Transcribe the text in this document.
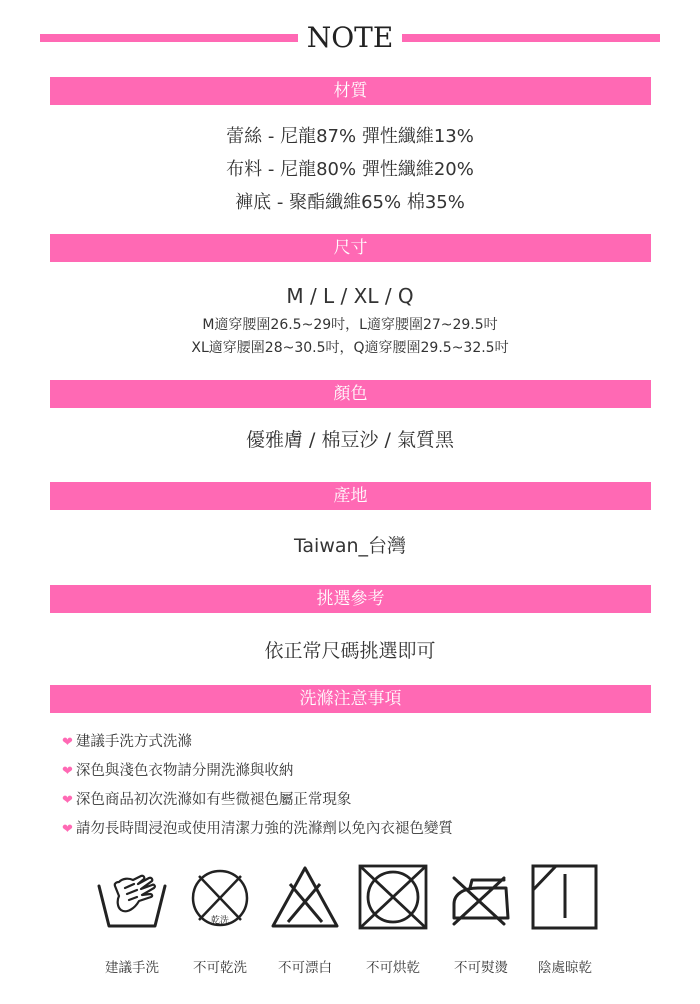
NOTE
材質

蕾絲 - 尼龍87% 彈性纖維13%

布料 - 尼龍80% 彈性纖維20%

褲底 - 聚酯纖維65% 棉35%

尺寸
M / L / XL / Q

M適穿腰圍26.5~29吋，L適穿腰圍27~29.5吋

XL適穿腰圍28~30.5吋，Q適穿腰圍29.5~32.5吋

顏色
優雅膚 / 棉豆沙 / 氣質黑
產地
Taiwan_台灣
挑選參考
依正常尺碼挑選即可
洗滌注意事項
❤ 建議手洗方式洗滌
❤ 深色與淺色衣物請分開洗滌與收納
❤ 深色商品初次洗滌如有些微褪色屬正常現象
❤ 請勿長時間浸泡或使用清潔力強的洗滌劑以免內衣褪色變質
乾洗
建議手洗	不可乾洗	不可漂白	不可烘乾	不可熨燙	陰處晾乾
